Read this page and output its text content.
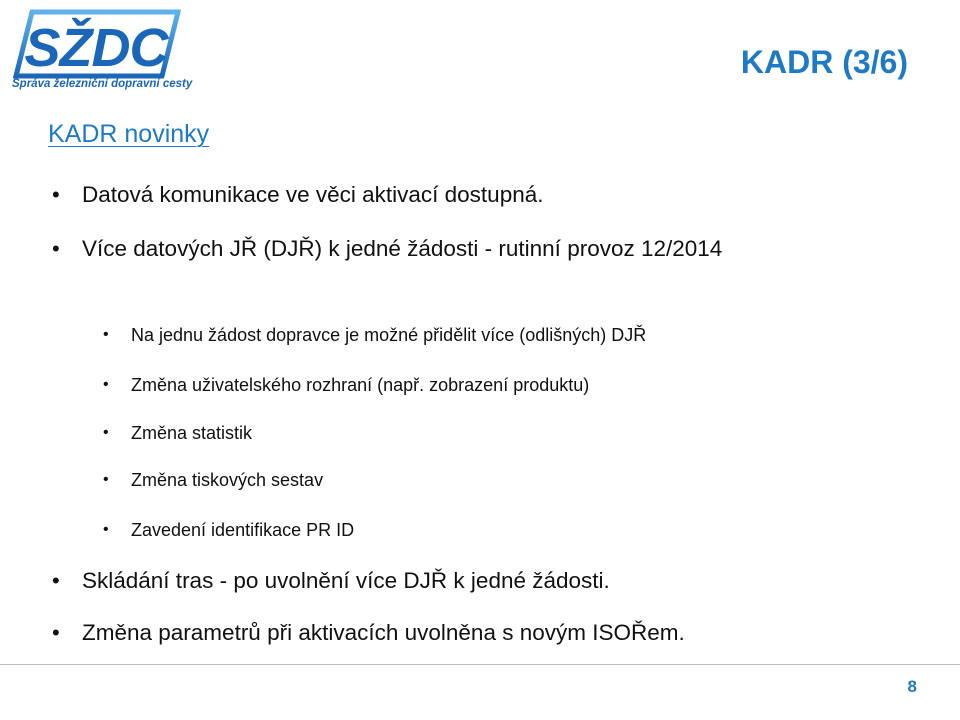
SŽDC
Správa železniční dopravní cesty
KADR (3/6)
KADR novinky

• Datová komunikace ve věci aktivací dostupná.

• Více datových JŘ (DJŘ) k jedné žádosti - rutinní provoz 12/2014

•	Na jednu žádost dopravce je možné přidělit více (odlišných) DJŘ

•	Změna uživatelského rozhraní (např. zobrazení produktu)

•	Změna statistik

•	Změna tiskových sestav

•	Zavedení identifikace PR ID

• Skládání tras - po uvolnění více DJŘ k jedné žádosti.

• Změna parametrů při aktivacích uvolněna s novým ISOŘem.

8
